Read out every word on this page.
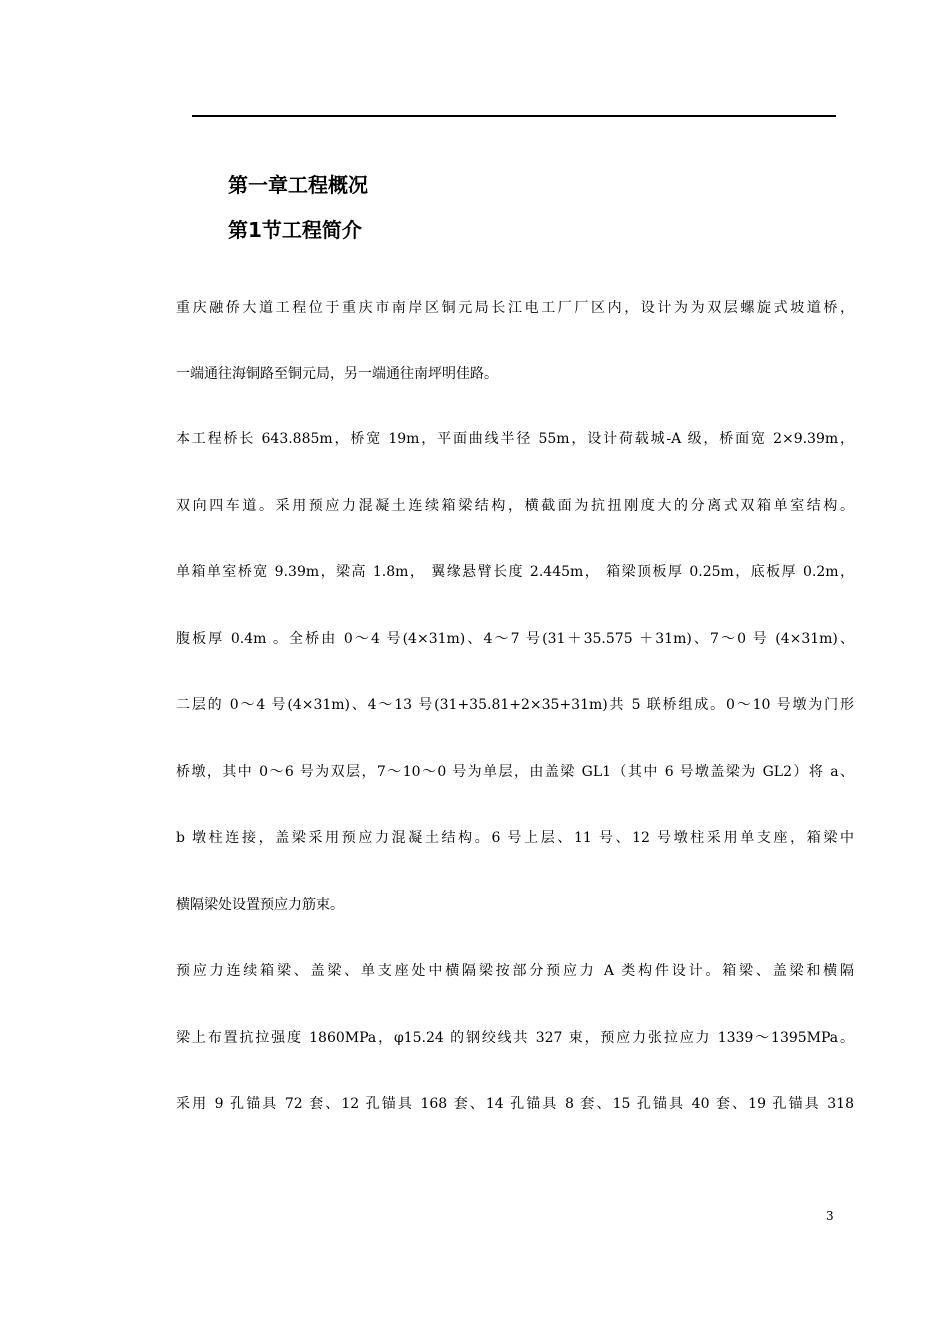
第一章工程概况
第1节工程简介
重庆融侨大道工程位于重庆市南岸区铜元局长江电工厂厂区内，设计为为双层螺旋式坡道桥，
一端通往海铜路至铜元局，另一端通往南坪明佳路。
本工程桥长 643.885m，桥宽 19m，平面曲线半径 55m，设计荷载城-A 级，桥面宽 2×9.39m，
双向四车道。采用预应力混凝土连续箱梁结构，横截面为抗扭刚度大的分离式双箱单室结构。
单箱单室桥宽 9.39m，梁高 1.8m， 翼缘悬臂长度 2.445m， 箱梁顶板厚 0.25m，底板厚 0.2m，
腹板厚 0.4m 。全桥由 0～4 号(4×31m)、4～7 号(31＋35.575 ＋31m)、7～0 号 (4×31m)、
二层的 0～4 号(4×31m)、4～13 号(31+35.81+2×35+31m)共 5 联桥组成。0～10 号墩为门形
桥墩，其中 0～6 号为双层，7～10～0 号为单层，由盖梁 GL1（其中 6 号墩盖梁为 GL2）将 a、
b 墩柱连接，盖梁采用预应力混凝土结构。6 号上层、11 号、12 号墩柱采用单支座，箱梁中
横隔梁处设置预应力筋束。
预应力连续箱梁、盖梁、单支座处中横隔梁按部分预应力 A 类构件设计。箱梁、盖梁和横隔
梁上布置抗拉强度 1860MPa，φ15.24 的钢绞线共 327 束，预应力张拉应力 1339～1395MPa。
采用 9 孔锚具 72 套、12 孔锚具 168 套、14 孔锚具 8 套、15 孔锚具 40 套、19 孔锚具 318
3
